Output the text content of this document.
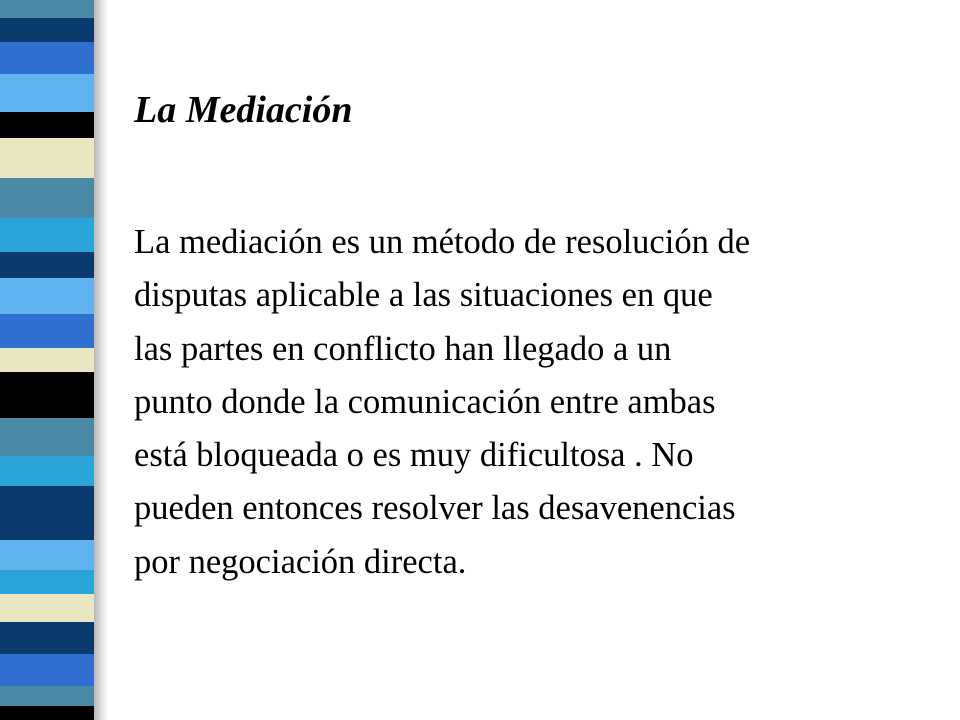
La Mediación

La mediación es un método de resolución de
disputas aplicable a las situaciones en que
las partes en conflicto han llegado a un
punto donde la comunicación entre ambas
está bloqueada o es muy dificultosa . No
pueden entonces resolver las desavenencias
por negociación directa.
